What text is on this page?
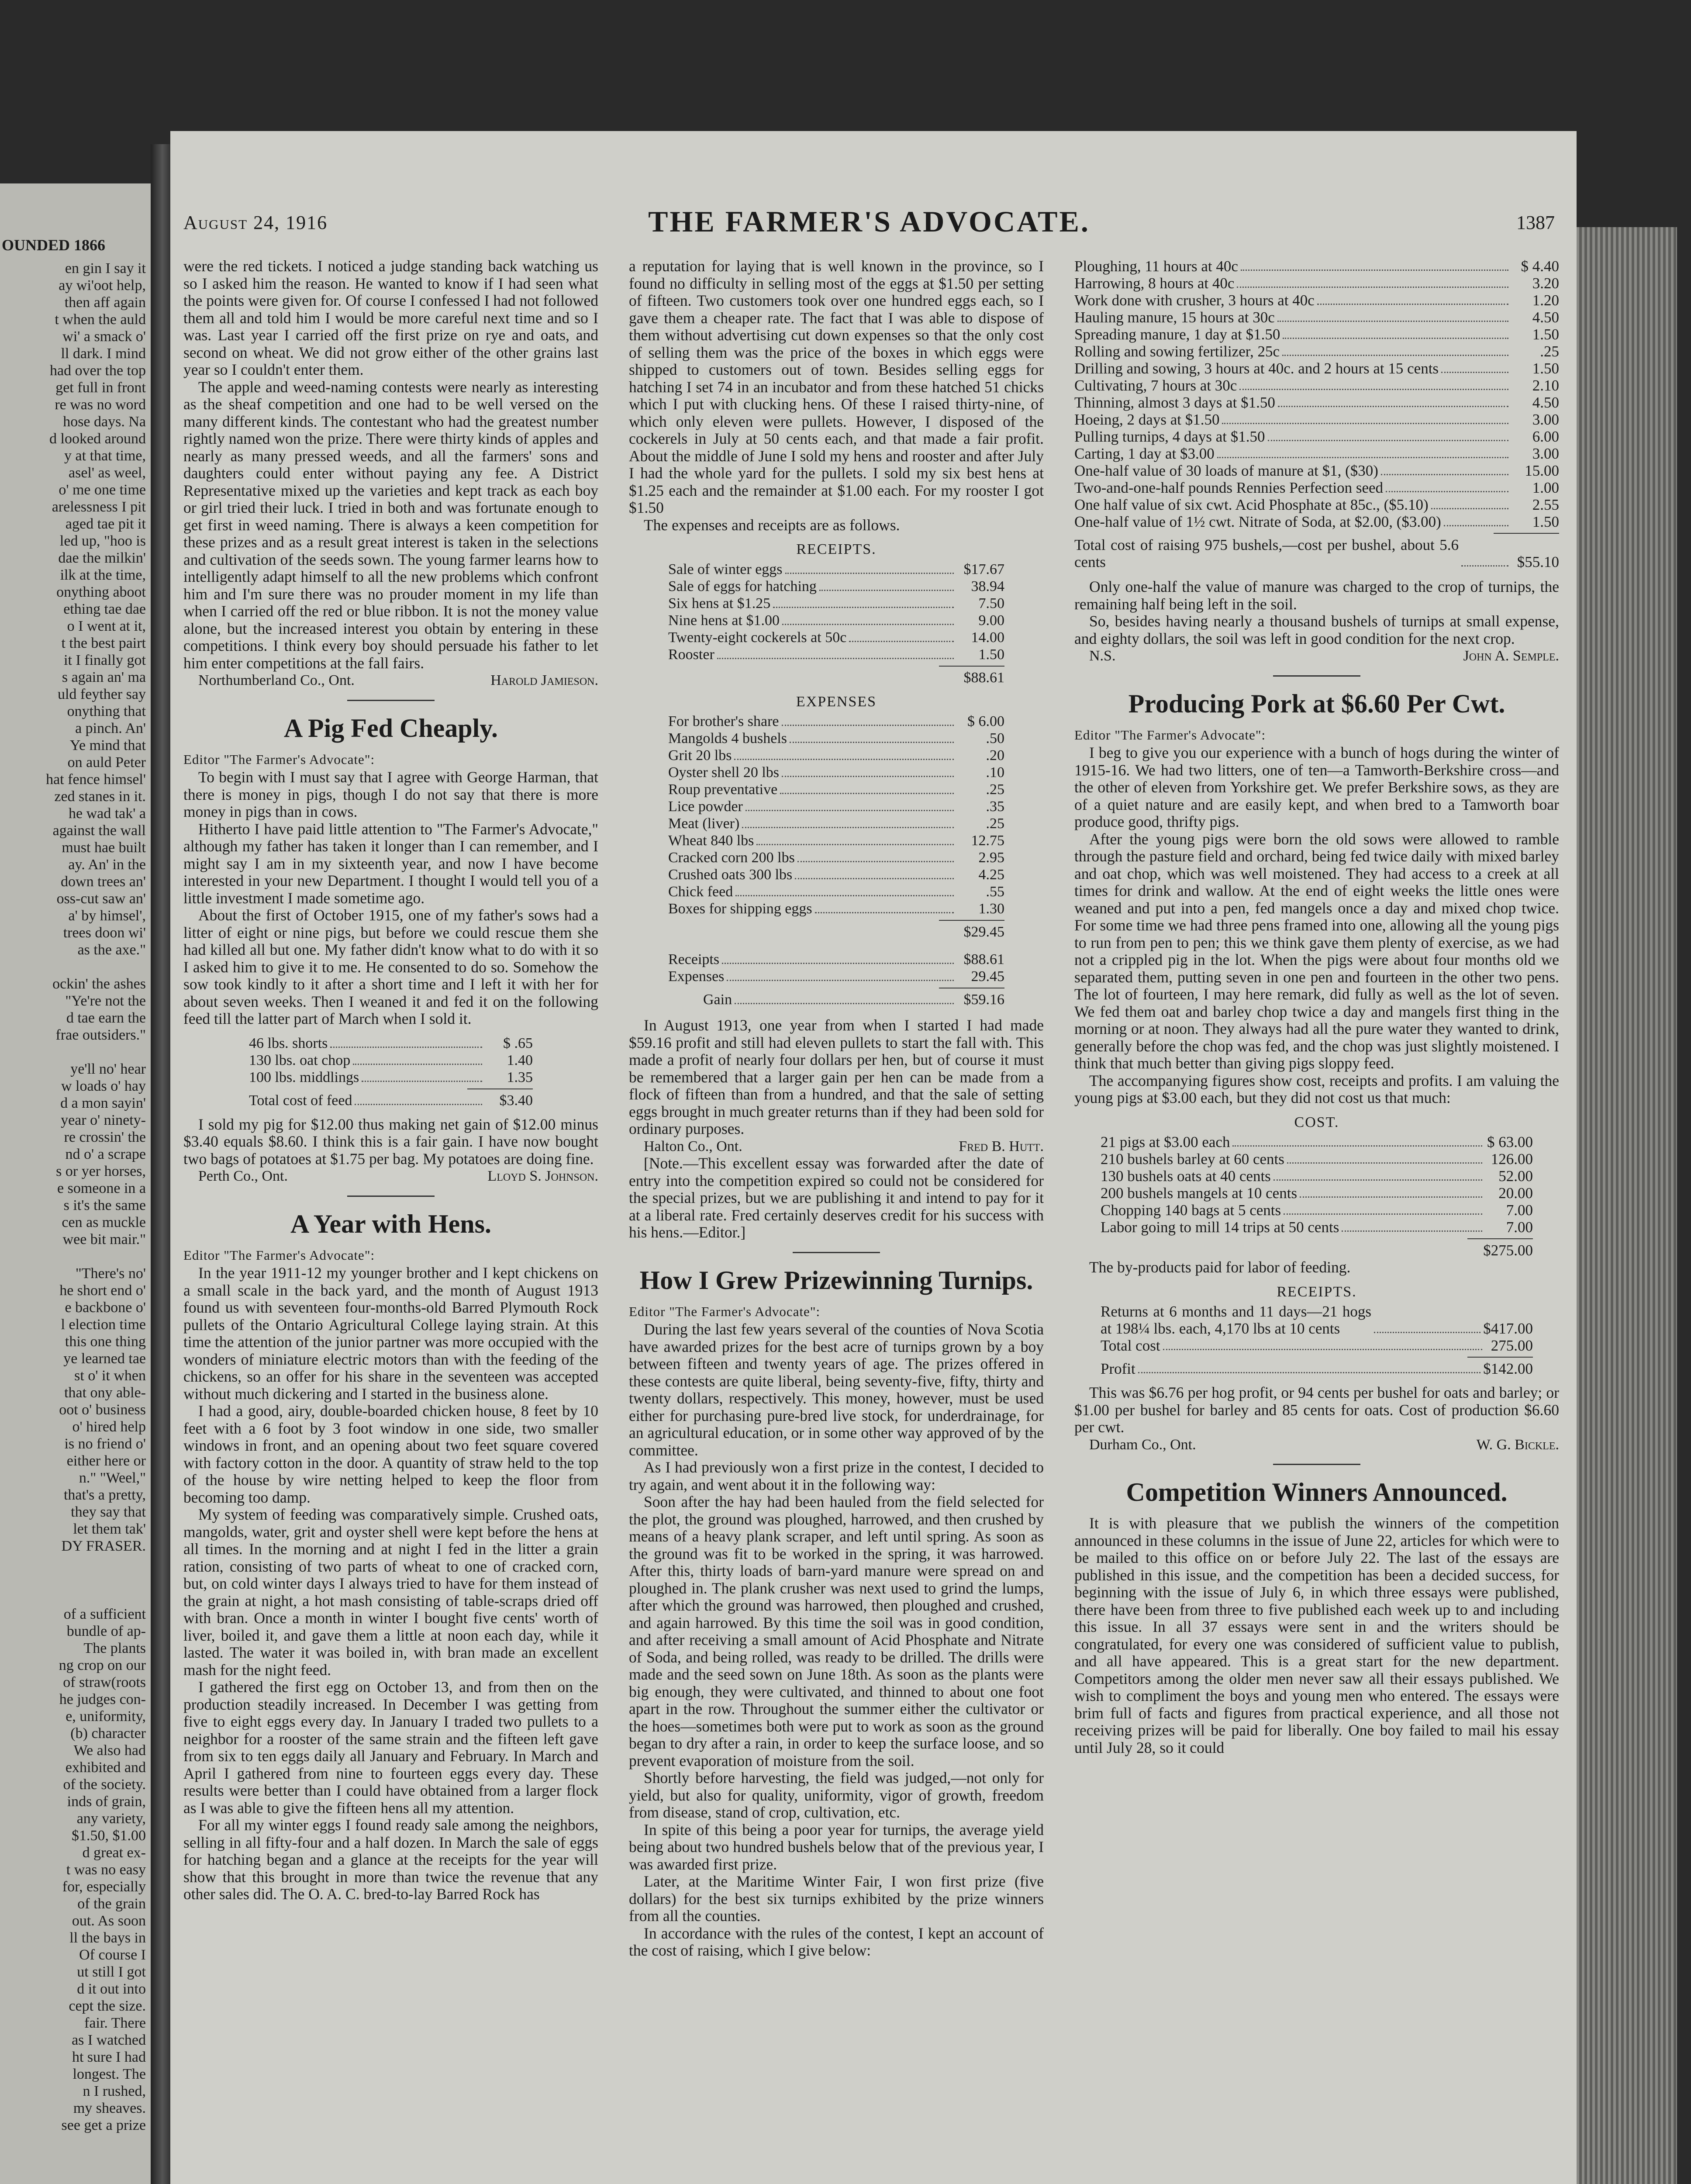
OUNDED 1866
en gin I say it
ay wi'oot help,
then aff again
t when the auld
wi' a smack o'
ll dark. I mind
had over the top
get full in front
re was no word
hose days. Na
d looked around
y at that time,
asel' as weel,
o' me one time
arelessness I pit
aged tae pit it
led up, "hoo is
dae the milkin'
ilk at the time,
onything aboot
ething tae dae
o I went at it,
t the best pairt
it I finally got
s again an' ma
uld feyther say
onything that
a pinch. An'
Ye mind that
on auld Peter
hat fence himsel'
zed stanes in it.
he wad tak' a
against the wall
must hae built
ay. An' in the
down trees an'
oss-cut saw an'
a' by himsel',
trees doon wi'
as the axe."

ockin' the ashes
"Ye're not the
d tae earn the
frae outsiders."

ye'll no' hear
w loads o' hay
d a mon sayin'
year o' ninety-
re crossin' the
nd o' a scrape
s or yer horses,
e someone in a
s it's the same
cen as muckle
wee bit mair."

"There's no'
he short end o'
e backbone o'
l election time
this one thing
ye learned tae
st o' it when
that ony able-
oot o' business
o' hired help
is no friend o'
either here or
n." "Weel,"
that's a pretty,
they say that
let them tak'
DY FRASER.

of a sufficient
bundle of ap-
The plants
ng crop on our
of straw(roots
he judges con-
e, uniformity,
(b) character
We also had
exhibited and
of the society.
inds of grain,
any variety,
$1.50, $1.00
d great ex-
t was no easy
for, especially
of the grain
out. As soon
ll the bays in
Of course I
ut still I got
d it out into
cept the size.
fair. There
as I watched
ht sure I had
longest. The
n I rushed,
my sheaves.
see get a prize
August 24, 1916	THE FARMER'S ADVOCATE.	1387

were the red tickets. I noticed a judge standing back watching us so I asked him the reason. He wanted to know if I had seen what the points were given for. Of course I confessed I had not followed them all and told him I would be more careful next time and so I was. Last year I carried off the first prize on rye and oats, and second on wheat. We did not grow either of the other grains last year so I couldn't enter them.

The apple and weed-naming contests were nearly as interesting as the sheaf competition and one had to be well versed on the many different kinds. The contestant who had the greatest number rightly named won the prize. There were thirty kinds of apples and nearly as many pressed weeds, and all the farmers' sons and daughters could enter without paying any fee. A District Representative mixed up the varieties and kept track as each boy or girl tried their luck. I tried in both and was fortunate enough to get first in weed naming. There is always a keen competition for these prizes and as a result great interest is taken in the selections and cultivation of the seeds sown. The young farmer learns how to intelligently adapt himself to all the new problems which confront him and I'm sure there was no prouder moment in my life than when I carried off the red or blue ribbon. It is not the money value alone, but the increased interest you obtain by entering in these competitions. I think every boy should persuade his father to let him enter competitions at the fall fairs.

Northumberland Co., Ont.	Harold Jamieson.
A Pig Fed Cheaply.
Editor "The Farmer's Advocate":

To begin with I must say that I agree with George Harman, that there is money in pigs, though I do not say that there is more money in pigs than in cows.

Hitherto I have paid little attention to "The Farmer's Advocate," although my father has taken it longer than I can remember, and I might say I am in my sixteenth year, and now I have become interested in your new Department. I thought I would tell you of a little investment I made sometime ago.

About the first of October 1915, one of my father's sows had a litter of eight or nine pigs, but before we could rescue them she had killed all but one. My father didn't know what to do with it so I asked him to give it to me. He consented to do so. Somehow the sow took kindly to it after a short time and I left it with her for about seven weeks. Then I weaned it and fed it on the following feed till the latter part of March when I sold it.

46 lbs. shorts	$ .65
130 lbs. oat chop	1.40
100 lbs. middlings	1.35
Total cost of feed	$3.40

I sold my pig for $12.00 thus making net gain of $12.00 minus $3.40 equals $8.60. I think this is a fair gain. I have now bought two bags of potatoes at $1.75 per bag. My potatoes are doing fine.

Perth Co., Ont.	Lloyd S. Johnson.
A Year with Hens.
Editor "The Farmer's Advocate":

In the year 1911-12 my younger brother and I kept chickens on a small scale in the back yard, and the month of August 1913 found us with seventeen four-months-old Barred Plymouth Rock pullets of the Ontario Agricultural College laying strain. At this time the attention of the junior partner was more occupied with the wonders of miniature electric motors than with the feeding of the chickens, so an offer for his share in the seventeen was accepted without much dickering and I started in the business alone.

I had a good, airy, double-boarded chicken house, 8 feet by 10 feet with a 6 foot by 3 foot window in one side, two smaller windows in front, and an opening about two feet square covered with factory cotton in the door. A quantity of straw held to the top of the house by wire netting helped to keep the floor from becoming too damp.

My system of feeding was comparatively simple. Crushed oats, mangolds, water, grit and oyster shell were kept before the hens at all times. In the morning and at night I fed in the litter a grain ration, consisting of two parts of wheat to one of cracked corn, but, on cold winter days I always tried to have for them instead of the grain at night, a hot mash consisting of table-scraps dried off with bran. Once a month in winter I bought five cents' worth of liver, boiled it, and gave them a little at noon each day, while it lasted. The water it was boiled in, with bran made an excellent mash for the night feed.

I gathered the first egg on October 13, and from then on the production steadily increased. In December I was getting from five to eight eggs every day. In January I traded two pullets to a neighbor for a rooster of the same strain and the fifteen left gave from six to ten eggs daily all January and February. In March and April I gathered from nine to fourteen eggs every day. These results were better than I could have obtained from a larger flock as I was able to give the fifteen hens all my attention.

For all my winter eggs I found ready sale among the neighbors, selling in all fifty-four and a half dozen. In March the sale of eggs for hatching began and a glance at the receipts for the year will show that this brought in more than twice the revenue that any other sales did. The O. A. C. bred-to-lay Barred Rock has

a reputation for laying that is well known in the province, so I found no difficulty in selling most of the eggs at $1.50 per setting of fifteen. Two customers took over one hundred eggs each, so I gave them a cheaper rate. The fact that I was able to dispose of them without advertising cut down expenses so that the only cost of selling them was the price of the boxes in which eggs were shipped to customers out of town. Besides selling eggs for hatching I set 74 in an incubator and from these hatched 51 chicks which I put with clucking hens. Of these I raised thirty-nine, of which only eleven were pullets. However, I disposed of the cockerels in July at 50 cents each, and that made a fair profit. About the middle of June I sold my hens and rooster and after July I had the whole yard for the pullets. I sold my six best hens at $1.25 each and the remainder at $1.00 each. For my rooster I got $1.50

The expenses and receipts are as follows.

RECEIPTS.
Sale of winter eggs	$17.67
Sale of eggs for hatching	38.94
Six hens at $1.25	7.50
Nine hens at $1.00	9.00
Twenty-eight cockerels at 50c	14.00
Rooster	1.50
$88.61
EXPENSES
For brother's share	$ 6.00
Mangolds 4 bushels	.50
Grit 20 lbs	.20
Oyster shell 20 lbs	.10
Roup preventative	.25
Lice powder	.35
Meat (liver)	.25
Wheat 840 lbs	12.75
Cracked corn 200 lbs	2.95
Crushed oats 300 lbs	4.25
Chick feed	.55
Boxes for shipping eggs	1.30
$29.45
Receipts	$88.61
Expenses	29.45
Gain	$59.16

In August 1913, one year from when I started I had made $59.16 profit and still had eleven pullets to start the fall with. This made a profit of nearly four dollars per hen, but of course it must be remembered that a larger gain per hen can be made from a flock of fifteen than from a hundred, and that the sale of setting eggs brought in much greater returns than if they had been sold for ordinary purposes.

Halton Co., Ont.	Fred B. Hutt.

[Note.—This excellent essay was forwarded after the date of entry into the competition expired so could not be considered for the special prizes, but we are publishing it and intend to pay for it at a liberal rate. Fred certainly deserves credit for his success with his hens.—Editor.]

How I Grew Prizewinning Turnips.
Editor "The Farmer's Advocate":

During the last few years several of the counties of Nova Scotia have awarded prizes for the best acre of turnips grown by a boy between fifteen and twenty years of age. The prizes offered in these contests are quite liberal, being seventy-five, fifty, thirty and twenty dollars, respectively. This money, however, must be used either for purchasing pure-bred live stock, for underdrainage, for an agricultural education, or in some other way approved of by the committee.

As I had previously won a first prize in the contest, I decided to try again, and went about it in the following way:

Soon after the hay had been hauled from the field selected for the plot, the ground was ploughed, harrowed, and then crushed by means of a heavy plank scraper, and left until spring. As soon as the ground was fit to be worked in the spring, it was harrowed. After this, thirty loads of barn-yard manure were spread on and ploughed in. The plank crusher was next used to grind the lumps, after which the ground was harrowed, then ploughed and crushed, and again harrowed. By this time the soil was in good condition, and after receiving a small amount of Acid Phosphate and Nitrate of Soda, and being rolled, was ready to be drilled. The drills were made and the seed sown on June 18th. As soon as the plants were big enough, they were cultivated, and thinned to about one foot apart in the row. Throughout the summer either the cultivator or the hoes—sometimes both were put to work as soon as the ground began to dry after a rain, in order to keep the surface loose, and so prevent evaporation of moisture from the soil.

Shortly before harvesting, the field was judged,—not only for yield, but also for quality, uniformity, vigor of growth, freedom from disease, stand of crop, cultivation, etc.

In spite of this being a poor year for turnips, the average yield being about two hundred bushels below that of the previous year, I was awarded first prize.

Later, at the Maritime Winter Fair, I won first prize (five dollars) for the best six turnips exhibited by the prize winners from all the counties.

In accordance with the rules of the contest, I kept an account of the cost of raising, which I give below:

Ploughing, 11 hours at 40c	$ 4.40
Harrowing, 8 hours at 40c	3.20
Work done with crusher, 3 hours at 40c	1.20
Hauling manure, 15 hours at 30c	4.50
Spreading manure, 1 day at $1.50	1.50
Rolling and sowing fertilizer, 25c	.25
Drilling and sowing, 3 hours at 40c. and 2 hours at 15 cents	1.50
Cultivating, 7 hours at 30c	2.10
Thinning, almost 3 days at $1.50	4.50
Hoeing, 2 days at $1.50	3.00
Pulling turnips, 4 days at $1.50	6.00
Carting, 1 day at $3.00	3.00
One-half value of 30 loads of manure at $1, ($30)	15.00
Two-and-one-half pounds Rennies Perfection seed	1.00
One half value of six cwt. Acid Phosphate at 85c., ($5.10)	2.55
One-half value of 1½ cwt. Nitrate of Soda, at $2.00, ($3.00)	1.50
Total cost of raising 975 bushels,—cost per bushel, about 5.6 cents	$55.10

Only one-half the value of manure was charged to the crop of turnips, the remaining half being left in the soil.

So, besides having nearly a thousand bushels of turnips at small expense, and eighty dollars, the soil was left in good condition for the next crop.

N.S.	John A. Semple.
Producing Pork at $6.60 Per Cwt.
Editor "The Farmer's Advocate":

I beg to give you our experience with a bunch of hogs during the winter of 1915-16. We had two litters, one of ten—a Tamworth-Berkshire cross—and the other of eleven from Yorkshire get. We prefer Berkshire sows, as they are of a quiet nature and are easily kept, and when bred to a Tamworth boar produce good, thrifty pigs.

After the young pigs were born the old sows were allowed to ramble through the pasture field and orchard, being fed twice daily with mixed barley and oat chop, which was well moistened. They had access to a creek at all times for drink and wallow. At the end of eight weeks the little ones were weaned and put into a pen, fed mangels once a day and mixed chop twice. For some time we had three pens framed into one, allowing all the young pigs to run from pen to pen; this we think gave them plenty of exercise, as we had not a crippled pig in the lot. When the pigs were about four months old we separated them, putting seven in one pen and fourteen in the other two pens. The lot of fourteen, I may here remark, did fully as well as the lot of seven. We fed them oat and barley chop twice a day and mangels first thing in the morning or at noon. They always had all the pure water they wanted to drink, generally before the chop was fed, and the chop was just slightly moistened. I think that much better than giving pigs sloppy feed.

The accompanying figures show cost, receipts and profits. I am valuing the young pigs at $3.00 each, but they did not cost us that much:

COST.
21 pigs at $3.00 each	$ 63.00
210 bushels barley at 60 cents	126.00
130 bushels oats at 40 cents	52.00
200 bushels mangels at 10 cents	20.00
Chopping 140 bags at 5 cents	7.00
Labor going to mill 14 trips at 50 cents	7.00
$275.00

The by-products paid for labor of feeding.

RECEIPTS.
Returns at 6 months and 11 days—21 hogs at 198¼ lbs. each, 4,170 lbs at 10 cents	$417.00
Total cost	275.00
Profit	$142.00

This was $6.76 per hog profit, or 94 cents per bushel for oats and barley; or $1.00 per bushel for barley and 85 cents for oats. Cost of production $6.60 per cwt.

Durham Co., Ont.	W. G. Bickle.
Competition Winners Announced.

It is with pleasure that we publish the winners of the competition announced in these columns in the issue of June 22, articles for which were to be mailed to this office on or before July 22. The last of the essays are published in this issue, and the competition has been a decided success, for beginning with the issue of July 6, in which three essays were published, there have been from three to five published each week up to and including this issue. In all 37 essays were sent in and the writers should be congratulated, for every one was considered of sufficient value to publish, and all have appeared. This is a great start for the new department. Competitors among the older men never saw all their essays published. We wish to compliment the boys and young men who entered. The essays were brim full of facts and figures from practical experience, and all those not receiving prizes will be paid for liberally. One boy failed to mail his essay until July 28, so it could
